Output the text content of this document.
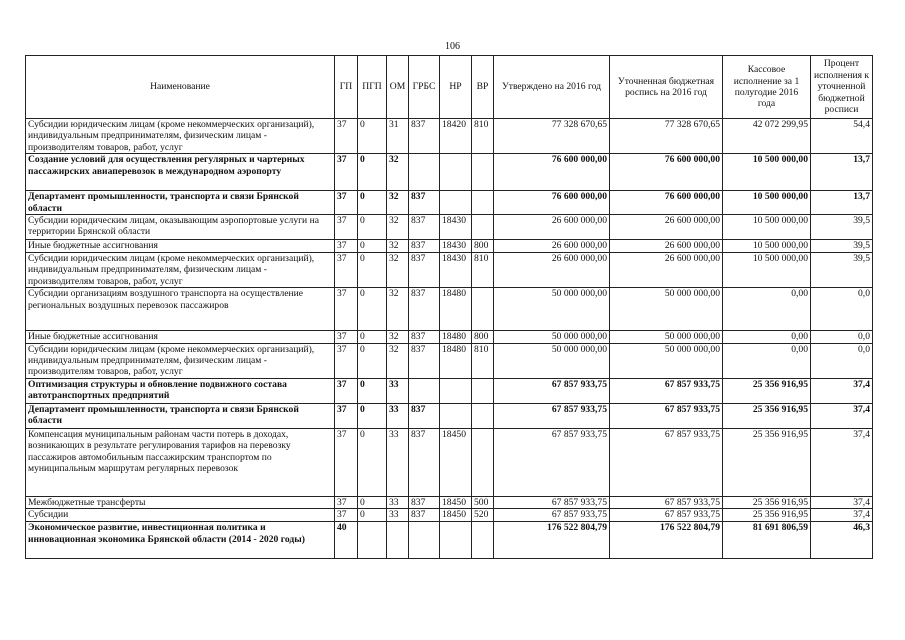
106
Наименование	ГП	ПГП	ОМ	ГРБС	НР	ВР	Утверждено на 2016 год	Уточненная бюджетная роспись на 2016 год	Кассовое исполнение за 1 полугодие 2016 года	Процент исполнения к уточненной бюджетной росписи
Субсидии юридическим лицам (кроме некоммерческих организаций), индивидуальным предпринимателям, физическим лицам - производителям товаров, работ, услуг	37	0	31	837	18420	810	77 328 670,65	77 328 670,65	42 072 299,95	54,4
Создание условий для осуществления регулярных и чартерных пассажирских авиаперевозок в международном аэропорту	37	0	32				76 600 000,00	76 600 000,00	10 500 000,00	13,7
Департамент промышленности, транспорта и связи Брянской области	37	0	32	837			76 600 000,00	76 600 000,00	10 500 000,00	13,7
Субсидии юридическим лицам, оказывающим аэропортовые услуги на территории Брянской области	37	0	32	837	18430		26 600 000,00	26 600 000,00	10 500 000,00	39,5
Иные бюджетные ассигнования	37	0	32	837	18430	800	26 600 000,00	26 600 000,00	10 500 000,00	39,5
Субсидии юридическим лицам (кроме некоммерческих организаций), индивидуальным предпринимателям, физическим лицам - производителям товаров, работ, услуг	37	0	32	837	18430	810	26 600 000,00	26 600 000,00	10 500 000,00	39,5
Субсидии организациям воздушного транспорта на осуществление региональных воздушных перевозок пассажиров	37	0	32	837	18480		50 000 000,00	50 000 000,00	0,00	0,0
Иные бюджетные ассигнования	37	0	32	837	18480	800	50 000 000,00	50 000 000,00	0,00	0,0
Субсидии юридическим лицам (кроме некоммерческих организаций), индивидуальным предпринимателям, физическим лицам - производителям товаров, работ, услуг	37	0	32	837	18480	810	50 000 000,00	50 000 000,00	0,00	0,0
Оптимизация структуры и обновление подвижного состава автотранспортных предприятий	37	0	33				67 857 933,75	67 857 933,75	25 356 916,95	37,4
Департамент промышленности, транспорта и связи Брянской области	37	0	33	837			67 857 933,75	67 857 933,75	25 356 916,95	37,4
Компенсация муниципальным районам части потерь в доходах, возникающих в результате регулирования тарифов на перевозку пассажиров автомобильным пассажирским транспортом по муниципальным маршрутам регулярных перевозок	37	0	33	837	18450		67 857 933,75	67 857 933,75	25 356 916,95	37,4
Межбюджетные трансферты	37	0	33	837	18450	500	67 857 933,75	67 857 933,75	25 356 916,95	37,4
Субсидии	37	0	33	837	18450	520	67 857 933,75	67 857 933,75	25 356 916,95	37,4
Экономическое развитие, инвестиционная политика и инновационная экономика Брянской области (2014 - 2020 годы)	40						176 522 804,79	176 522 804,79	81 691 806,59	46,3
